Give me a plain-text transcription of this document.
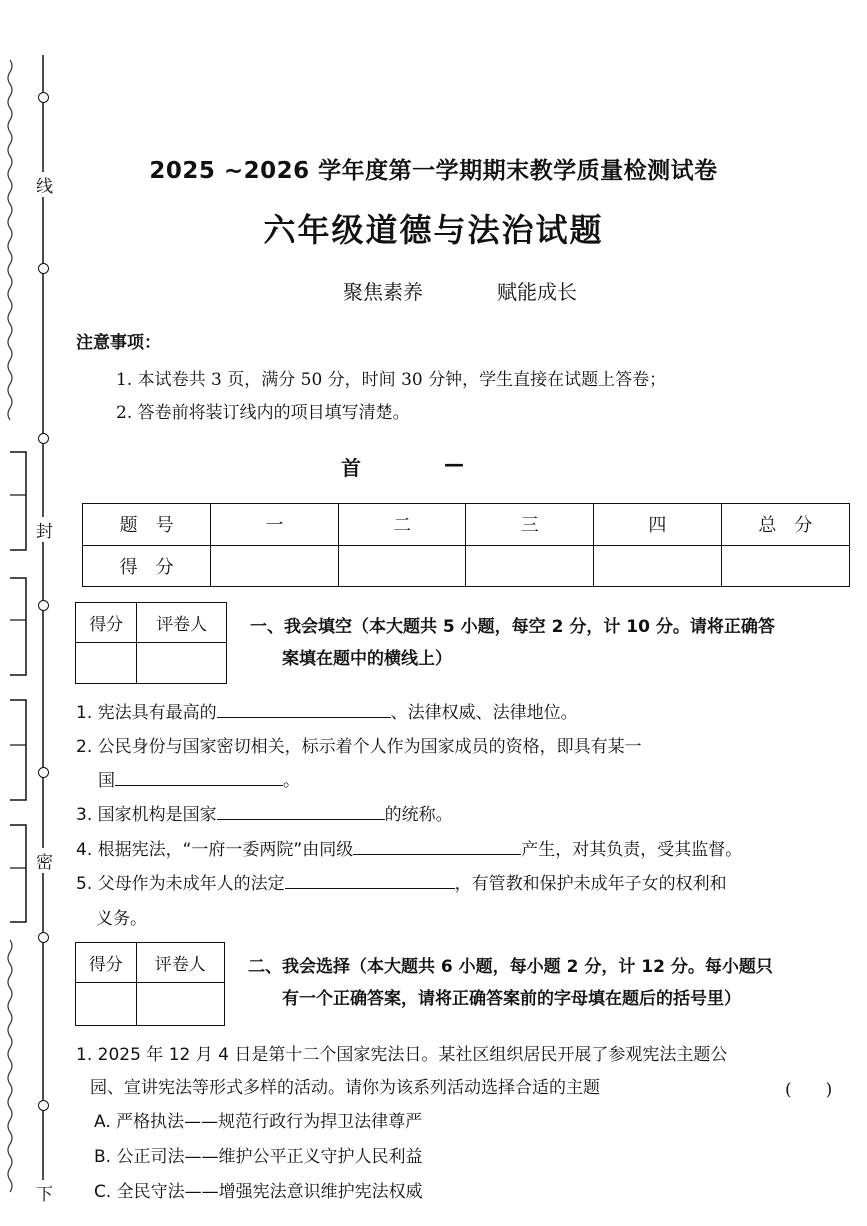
线
封
密
下
2025 ~2026 学年度第一学期期末教学质量检测试卷
六年级道德与法治试题
聚焦素养	赋能成长
注意事项：
1. 本试卷共 3 页，满分 50 分，时间 30 分钟，学生直接在试题上答卷；
2. 答卷前将装订线内的项目填写清楚。
首	—
题　号	一	二	三	四	总　分
得　分					
得分	评卷人
		一、我会填空（本大题共 5 小题，每空 2 分，计 10 分。请将正确答
案填在题中的横线上）
1. 宪法具有最高的	、法律权威、法律地位。
2. 公民身份与国家密切相关，标示着个人作为国家成员的资格，即具有某一
国	。
3. 国家机构是国家	的统称。
4. 根据宪法，“一府一委两院”由同级	产生，对其负责，受其监督。
5. 父母作为未成年人的法定	，有管教和保护未成年子女的权利和
义务。
得分	评卷人
	二、我会选择（本大题共 6 小题，每小题 2 分，计 12 分。每小题只
有一个正确答案，请将正确答案前的字母填在题后的括号里）
1. 2025 年 12 月 4 日是第十二个国家宪法日。某社区组织居民开展了参观宪法主题公
园、宣讲宪法等形式多样的活动。请你为该系列活动选择合适的主题	(　　)
A. 严格执法——规范行政行为捍卫法律尊严
B. 公正司法——维护公平正义守护人民利益
C. 全民守法——增强宪法意识维护宪法权威
